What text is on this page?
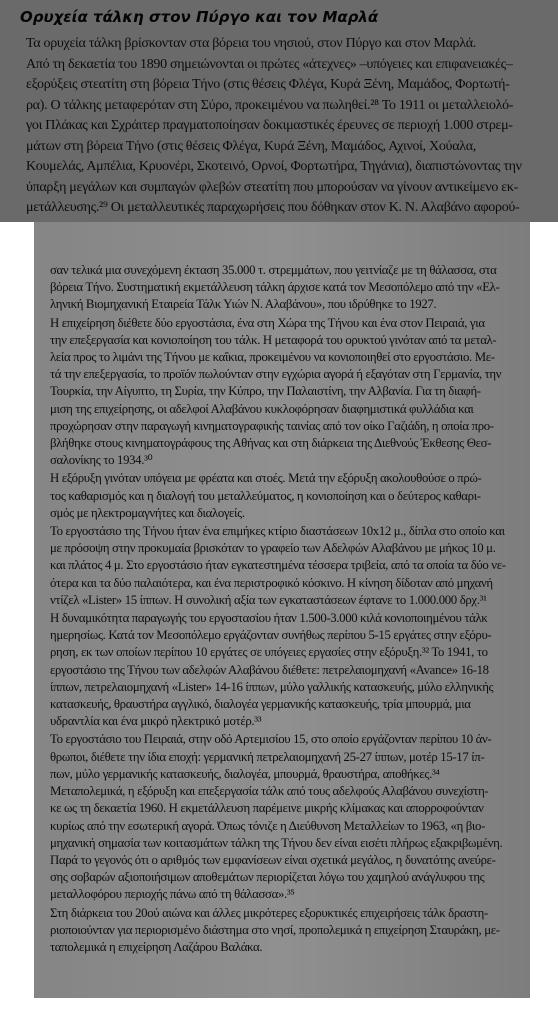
Ορυχεία τάλκη στον Πύργο και τον Μαρλά
Τα ορυχεία τάλκη βρίσκονταν στα βόρεια του νησιού, στον Πύργο και στον Μαρλά.
Από τη δεκαετία του 1890 σημειώνονται οι πρώτες «άτεχνες» –υπόγειες και επιφανειακές–
εξορύξεις στεατίτη στη βόρεια Τήνο (στις θέσεις Φλέγα, Κυρά Ξένη, Μαμάδος, Φορτωτή-
ρα). Ο τάλκης μεταφερόταν στη Σύρο, προκειμένου να πωληθεί.²⁸ Το 1911 οι μεταλλειολό-
γοι Πλάκας και Σχράιτερ πραγματοποίησαν δοκιμαστικές έρευνες σε περιοχή 1.000 στρεμ-
μάτων στη βόρεια Τήνο (στις θέσεις Φλέγα, Κυρά Ξένη, Μαμάδος, Αχινοί, Χούαλα,
Κουμελάς, Αμπέλια, Κρυονέρι, Σκοτεινό, Ορνοί, Φορτωτήρα, Τηγάνια), διαπιστώνοντας την
ύπαρξη μεγάλων και συμπαγών φλεβών στεατίτη που μπορούσαν να γίνουν αντικείμενο εκ-
μετάλλευσης.²⁹ Οι μεταλλευτικές παραχωρήσεις που δόθηκαν στον Κ. Ν. Αλαβάνο αφορού-
σαν τελικά μια συνεχόμενη έκταση 35.000 τ. στρεμμάτων, που γειτνίαζε με τη θάλασσα, στα
βόρεια Τήνο. Συστηματική εκμετάλλευση τάλκη άρχισε κατά τον Μεσοπόλεμο από την «Ελ-
ληνική Βιομηχανική Εταιρεία Τάλκ Υιών Ν. Αλαβάνου», που ιδρύθηκε το 1927.
Η επιχείρηση διέθετε δύο εργοστάσια, ένα στη Χώρα της Τήνου και ένα στον Πειραιά, για
την επεξεργασία και κονιοποίηση του τάλκ. Η μεταφορά του ορυκτού γινόταν από τα μεταλ-
λεία προς το λιμάνι της Τήνου με καΐκια, προκειμένου να κονιοποιηθεί στο εργοστάσιο. Με-
τά την επεξεργασία, το προϊόν πωλούνταν στην εγχώρια αγορά ή εξαγόταν στη Γερμανία, την
Τουρκία, την Αίγυπτο, τη Συρία, την Κύπρο, την Παλαιστίνη, την Αλβανία. Για τη διαφή-
μιση της επιχείρησης, οι αδελφοί Αλαβάνου κυκλοφόρησαν διαφημιστικά φυλλάδια και
προχώρησαν στην παραγωγή κινηματογραφικής ταινίας από τον οίκο Γαζιάδη, η οποία προ-
βλήθηκε στους κινηματογράφους της Αθήνας και στη διάρκεια της Διεθνούς Έκθεσης Θεσ-
σαλονίκης το 1934.³⁰
Η εξόρυξη γινόταν υπόγεια με φρέατα και στοές. Μετά την εξόρυξη ακολουθούσε ο πρώ-
τος καθαρισμός και η διαλογή του μεταλλεύματος, η κονιοποίηση και ο δεύτερος καθαρι-
σμός με ηλεκτρομαγνήτες και διαλογείς.
Το εργοστάσιο της Τήνου ήταν ένα επιμήκες κτίριο διαστάσεων 10x12 μ., δίπλα στο οποίο και
με πρόσοψη στην προκυμαία βρισκόταν το γραφείο των Αδελφών Αλαβάνου με μήκος 10 μ.
και πλάτος 4 μ. Στο εργοστάσιο ήταν εγκατεστημένα τέσσερα τριβεία, από τα οποία τα δύο νε-
ότερα και τα δύο παλαιότερα, και ένα περιστροφικό κόσκινο. Η κίνηση δίδοταν από μηχανή
ντίζελ «Lister» 15 ίππων. Η συνολική αξία των εγκαταστάσεων έφτανε το 1.000.000 δρχ.³¹
Η δυναμικότητα παραγωγής του εργοστασίου ήταν 1.500-3.000 κιλά κονιοποιημένου τάλκ
ημερησίως. Κατά τον Μεσοπόλεμο εργάζονταν συνήθως περίπου 5-15 εργάτες στην εξόρυ-
ρηση, εκ των οποίων περίπου 10 εργάτες σε υπόγειες εργασίες στην εξόρυξη.³² Το 1941, το
εργοστάσιο της Τήνου των αδελφών Αλαβάνου διέθετε: πετρελαιομηχανή «Avance» 16-18
ίππων, πετρελαιομηχανή «Lister» 14-16 ίππων, μύλο γαλλικής κατασκευής, μύλο ελληνικής
κατασκευής, θραυστήρα αγγλικό, διαλογέα γερμανικής κατασκευής, τρία μπουρμά, μια
υδραντλία και ένα μικρό ηλεκτρικό μοτέρ.³³
Το εργοστάσιο του Πειραιά, στην οδό Αρτεμισίου 15, στο οποίο εργάζονταν περίπου 10 άν-
θρωποι, διέθετε την ίδια εποχή: γερμανική πετρελαιομηχανή 25-27 ίππων, μοτέρ 15-17 ίπ-
πων, μύλο γερμανικής κατασκευής, διαλογέα, μπουρμά, θραυστήρα, αποθήκες.³⁴
Μεταπολεμικά, η εξόρυξη και επεξεργασία τάλκ από τους αδελφούς Αλαβάνου συνεχίστη-
κε ως τη δεκαετία 1960. Η εκμετάλλευση παρέμεινε μικρής κλίμακας και απορροφούνταν
κυρίως από την εσωτερική αγορά. Όπως τόνιζε η Διεύθυνση Μεταλλείων το 1963, «η βιο-
μηχανική σημασία των κοιτασμάτων τάλκη της Τήνου δεν είναι εισέτι πλήρως εξακριβωμένη.
Παρά το γεγονός ότι ο αριθμός των εμφανίσεων είναι σχετικά μεγάλος, η δυνατότης ανεύρε-
σης σοβαρών αξιοποιήσιμων αποθεμάτων περιορίζεται λόγω του χαμηλού ανάγλυφου της
μεταλλοφόρου περιοχής πάνω από τη θάλασσα».³⁵
Στη διάρκεια του 20ού αιώνα και άλλες μικρότερες εξορυκτικές επιχειρήσεις τάλκ δραστη-
ριοποιούνταν για περιορισμένο διάστημα στο νησί, προπολεμικά η επιχείρηση Σταυράκη, με-
ταπολεμικά η επιχείρηση Λαζάρου Βαλάκα.
